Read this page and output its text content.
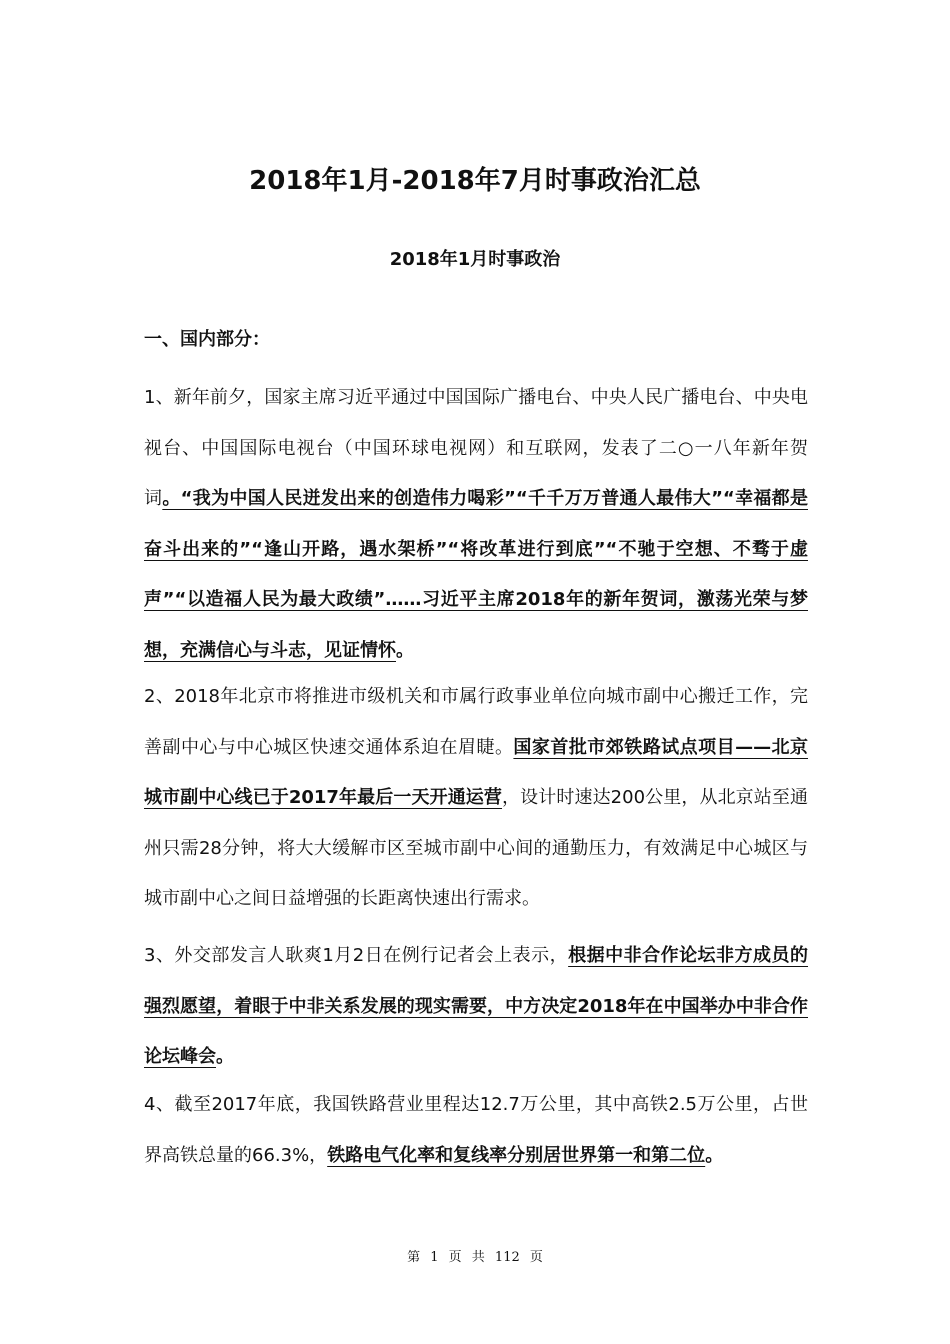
2018年1月-2018年7月时事政治汇总
2018年1月时事政治
一、国内部分：
1、新年前夕，国家主席习近平通过中国国际广播电台、中央人民广播电台、中央电视台、中国国际电视台（中国环球电视网）和互联网，发表了二○一八年新年贺词。“我为中国人民迸发出来的创造伟力喝彩”“千千万万普通人最伟大”“幸福都是奋斗出来的”“逢山开路，遇水架桥”“将改革进行到底”“不驰于空想、不骛于虚声”“以造福人民为最大政绩”……习近平主席2018年的新年贺词，激荡光荣与梦想，充满信心与斗志，见证情怀。
2、2018年北京市将推进市级机关和市属行政事业单位向城市副中心搬迁工作，完善副中心与中心城区快速交通体系迫在眉睫。国家首批市郊铁路试点项目——北京城市副中心线已于2017年最后一天开通运营，设计时速达200公里，从北京站至通州只需28分钟，将大大缓解市区至城市副中心间的通勤压力，有效满足中心城区与城市副中心之间日益增强的长距离快速出行需求。
3、外交部发言人耿爽1月2日在例行记者会上表示，根据中非合作论坛非方成员的强烈愿望，着眼于中非关系发展的现实需要，中方决定2018年在中国举办中非合作论坛峰会。
4、截至2017年底，我国铁路营业里程达12.7万公里，其中高铁2.5万公里，占世界高铁总量的66.3%，铁路电气化率和复线率分别居世界第一和第二位。
第 1 页 共 112 页
